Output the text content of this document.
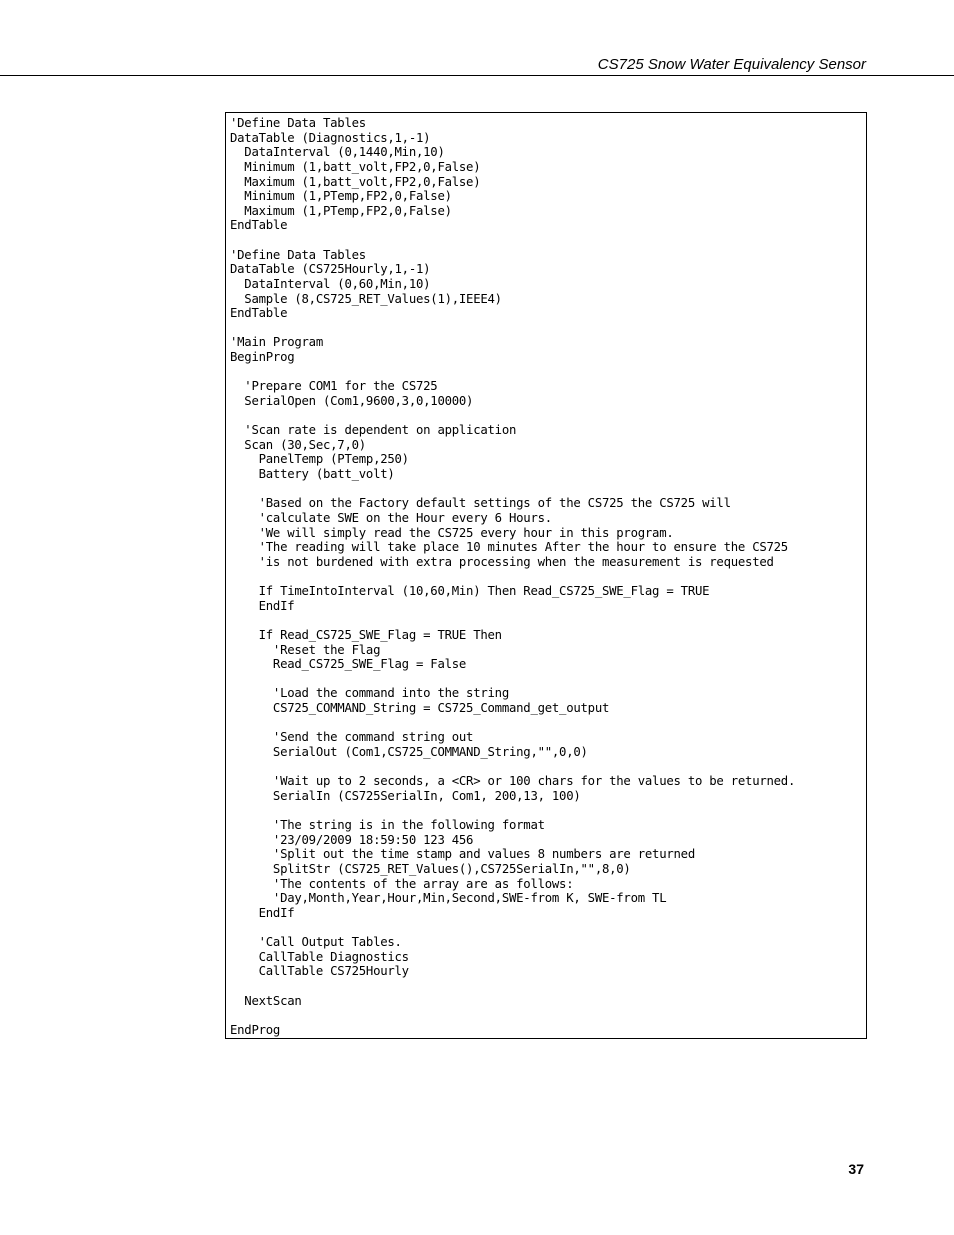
CS725 Snow Water Equivalency Sensor
'Define Data Tables
DataTable (Diagnostics,1,-1)
DataInterval (0,1440,Min,10)
Minimum (1,batt_volt,FP2,0,False)
Maximum (1,batt_volt,FP2,0,False)
Minimum (1,PTemp,FP2,0,False)
Maximum (1,PTemp,FP2,0,False)
EndTable

'Define Data Tables
DataTable (CS725Hourly,1,-1)
DataInterval (0,60,Min,10)
Sample (8,CS725_RET_Values(1),IEEE4)
EndTable

'Main Program
BeginProg

'Prepare COM1 for the CS725
SerialOpen (Com1,9600,3,0,10000)

'Scan rate is dependent on application
Scan (30,Sec,7,0)
PanelTemp (PTemp,250)
Battery (batt_volt)

'Based on the Factory default settings of the CS725 the CS725 will
'calculate SWE on the Hour every 6 Hours.
'We will simply read the CS725 every hour in this program.
'The reading will take place 10 minutes After the hour to ensure the CS725
'is not burdened with extra processing when the measurement is requested

If TimeIntoInterval (10,60,Min) Then Read_CS725_SWE_Flag = TRUE
EndIf

If Read_CS725_SWE_Flag = TRUE Then
'Reset the Flag
Read_CS725_SWE_Flag = False

'Load the command into the string
CS725_COMMAND_String = CS725_Command_get_output

'Send the command string out
SerialOut (Com1,CS725_COMMAND_String,"",0,0)

'Wait up to 2 seconds, a <CR> or 100 chars for the values to be returned.
SerialIn (CS725SerialIn, Com1, 200,13, 100)

'The string is in the following format
'23/09/2009 18:59:50 123 456
'Split out the time stamp and values 8 numbers are returned
SplitStr (CS725_RET_Values(),CS725SerialIn,"",8,0)
'The contents of the array are as follows:
'Day,Month,Year,Hour,Min,Second,SWE-from K, SWE-from TL
EndIf

'Call Output Tables.
CallTable Diagnostics
CallTable CS725Hourly

NextScan

EndProg
37
